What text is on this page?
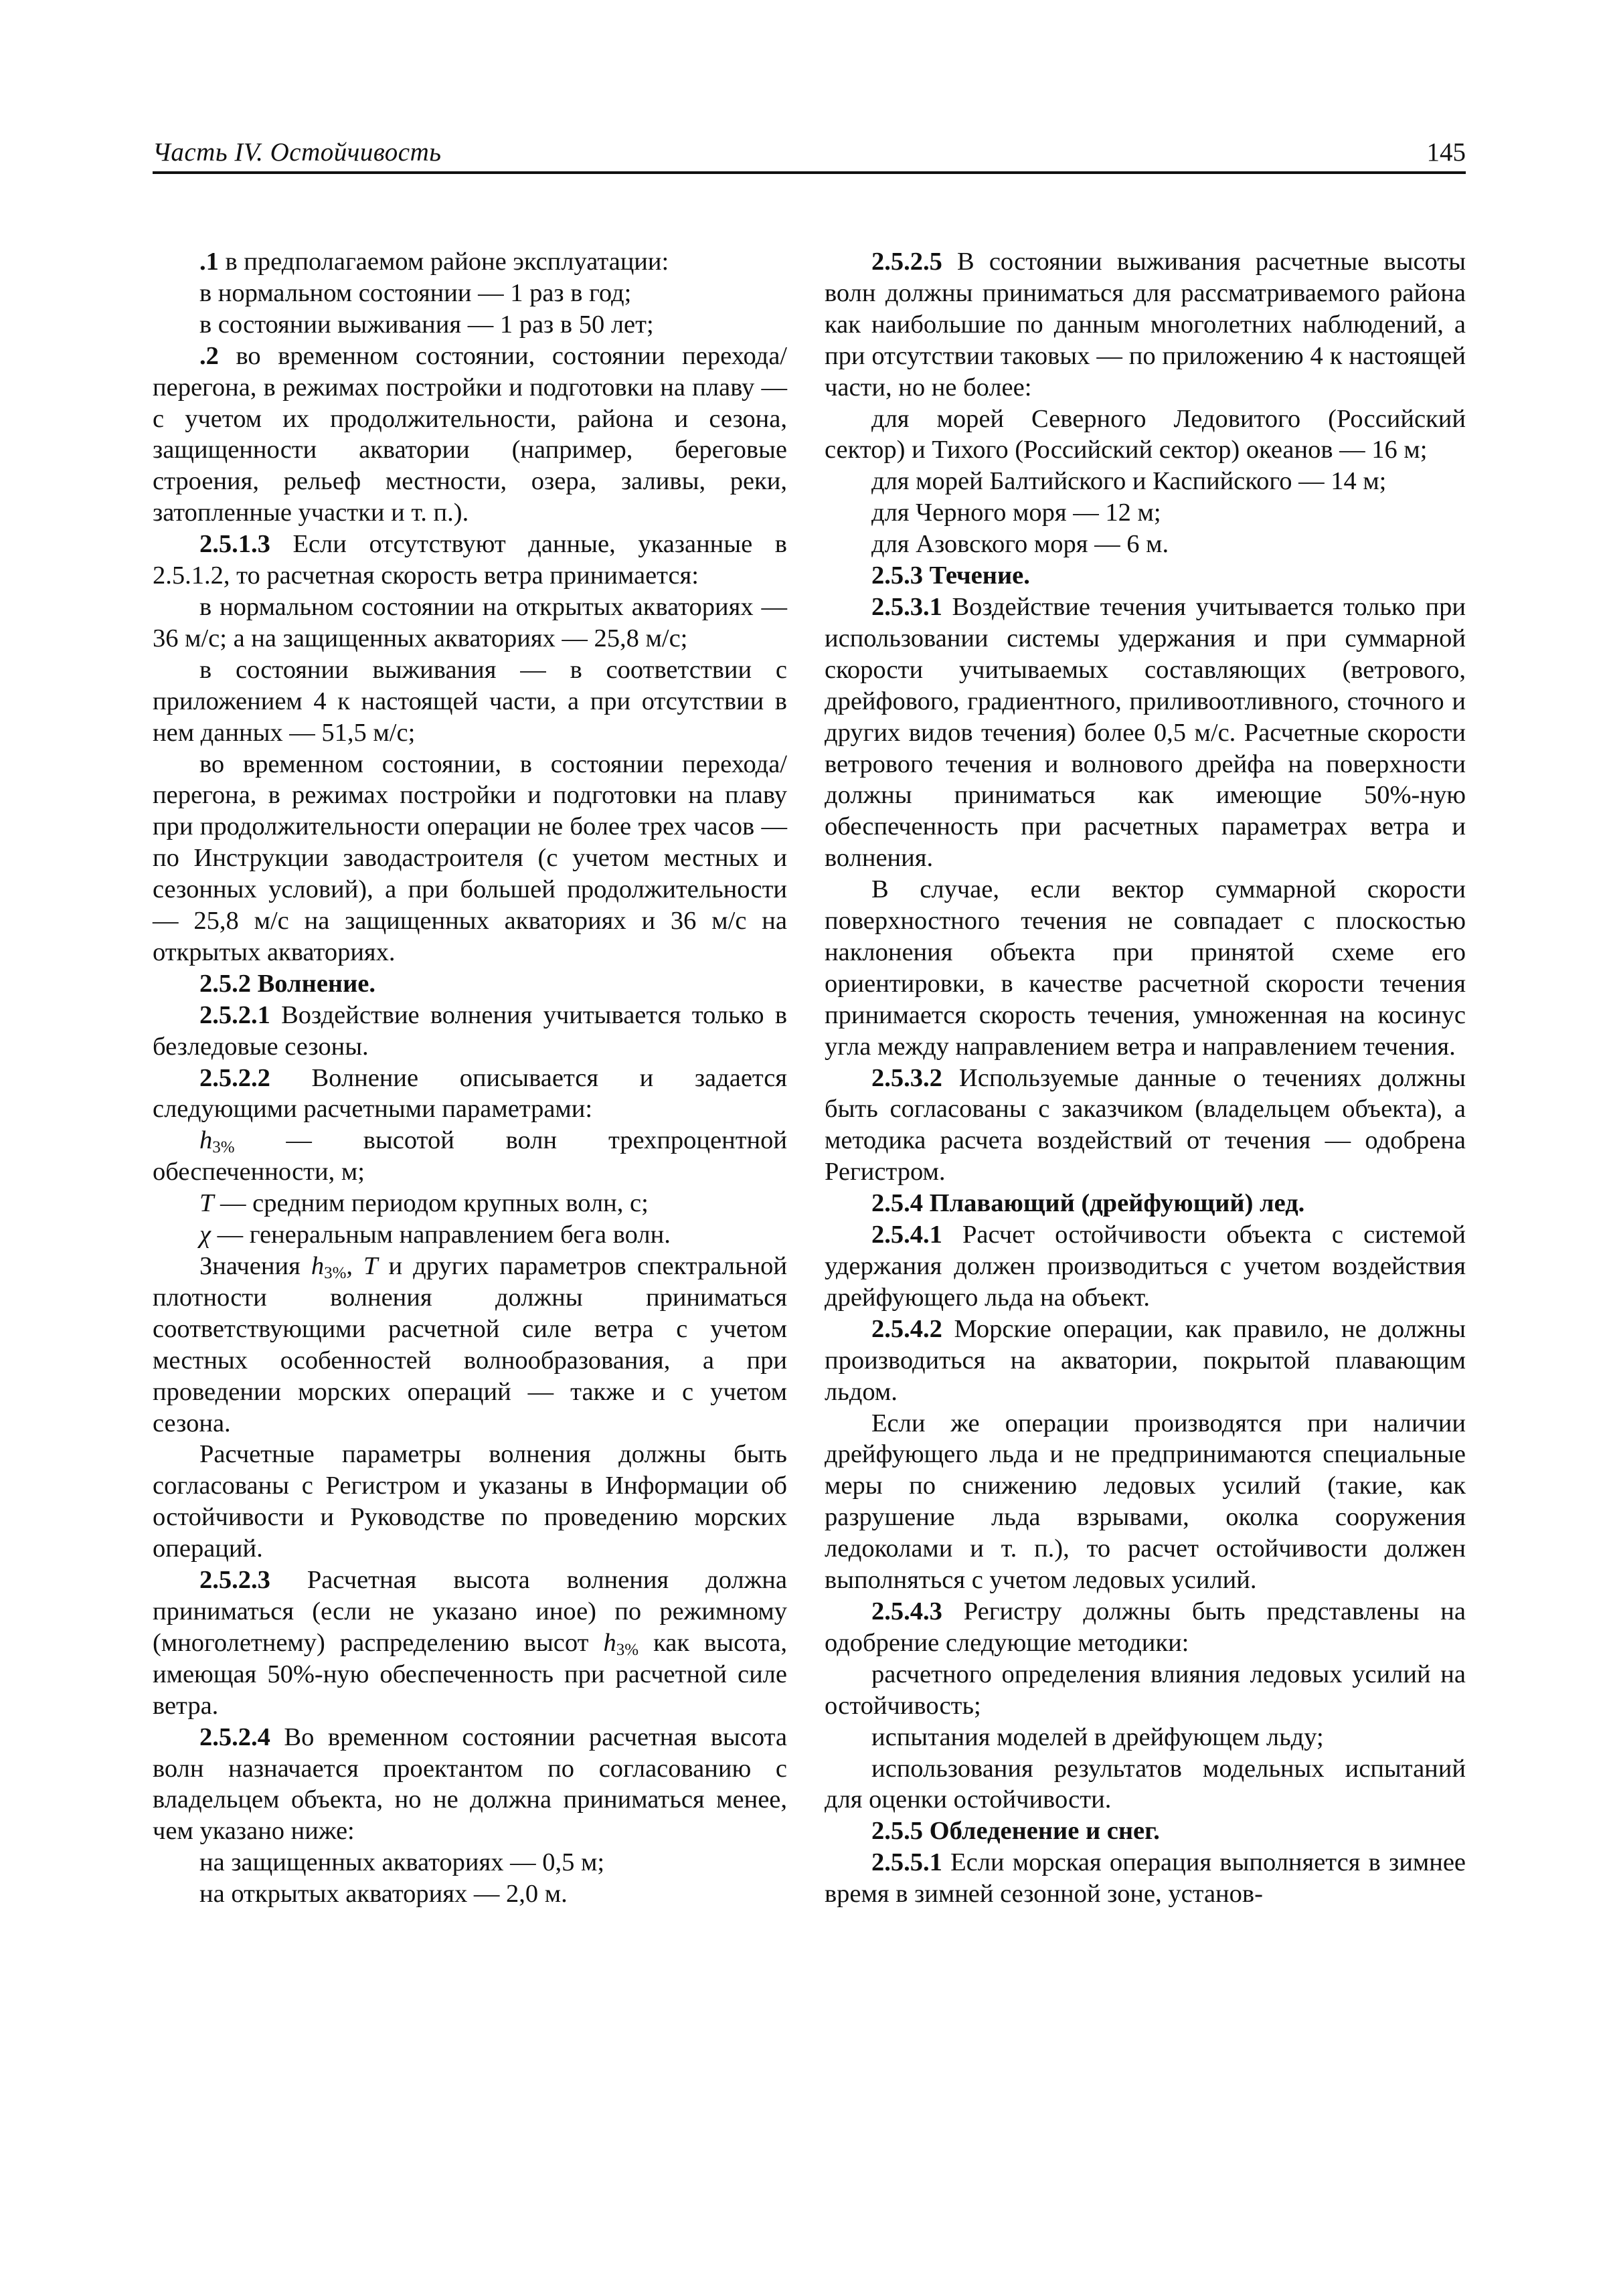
Часть IV. Остойчивость	145

.1 в предполагаемом районе эксплуатации:

в нормальном состоянии — 1 раз в год;

в состоянии выживания — 1 раз в 50 лет;

.2 во временном состоянии, состоянии перехода/перегона, в режимах постройки и подготовки на плаву — с учетом их продолжительности, района и сезона, защищенности акватории (например, береговые строения, рельеф местности, озера, заливы, реки, затопленные участки и т. п.).

2.5.1.3 Если отсутствуют данные, указанные в 2.5.1.2, то расчетная скорость ветра принимается:

в нормальном состоянии на открытых акваториях — 36 м/с; а на защищенных акваториях — 25,8 м/с;

в состоянии выживания — в соответствии с приложением 4 к настоящей части, а при отсутствии в нем данных — 51,5 м/с;

во временном состоянии, в состоянии перехода/перегона, в режимах постройки и подготовки на плаву при продолжительности операции не более трех часов — по Инструкции заводастроителя (с учетом местных и сезонных условий), а при большей продолжительности — 25,8 м/с на защищенных акваториях и 36 м/с на открытых акваториях.

2.5.2 Волнение.

2.5.2.1 Воздействие волнения учитывается только в безледовые сезоны.

2.5.2.2 Волнение описывается и задается следующими расчетными параметрами:

$h_{3\%}$ — высотой волн трехпроцентной обеспеченности, м;

T — средним периодом крупных волн, с;

χ — генеральным направлением бега волн.

Значения $h_{3\%}$, T и других параметров спектральной плотности волнения должны приниматься соответствующими расчетной силе ветра с учетом местных особенностей волнообразования, а при проведении морских операций — также и с учетом сезона.

Расчетные параметры волнения должны быть согласованы с Регистром и указаны в Информации об остойчивости и Руководстве по проведению морских операций.

2.5.2.3 Расчетная высота волнения должна приниматься (если не указано иное) по режимному (многолетнему) распределению высот $h_{3\%}$ как высота, имеющая 50%-ную обеспеченность при расчетной силе ветра.

2.5.2.4 Во временном состоянии расчетная высота волн назначается проектантом по согласованию с владельцем объекта, но не должна приниматься менее, чем указано ниже:

на защищенных акваториях — 0,5 м;

на открытых акваториях — 2,0 м.

2.5.2.5 В состоянии выживания расчетные высоты волн должны приниматься для рассматриваемого района как наибольшие по данным многолетних наблюдений, а при отсутствии таковых — по приложению 4 к настоящей части, но не более:

для морей Северного Ледовитого (Российский сектор) и Тихого (Российский сектор) океанов — 16 м;

для морей Балтийского и Каспийского — 14 м;

для Черного моря — 12 м;

для Азовского моря — 6 м.

2.5.3 Течение.

2.5.3.1 Воздействие течения учитывается только при использовании системы удержания и при суммарной скорости учитываемых составляющих (ветрового, дрейфового, градиентного, приливоотливного, сточного и других видов течения) более 0,5 м/с. Расчетные скорости ветрового течения и волнового дрейфа на поверхности должны приниматься как имеющие 50%-ную обеспеченность при расчетных параметрах ветра и волнения.

В случае, если вектор суммарной скорости поверхностного течения не совпадает с плоскостью наклонения объекта при принятой схеме его ориентировки, в качестве расчетной скорости течения принимается скорость течения, умноженная на косинус угла между направлением ветра и направлением течения.

2.5.3.2 Используемые данные о течениях должны быть согласованы с заказчиком (владельцем объекта), а методика расчета воздействий от течения — одобрена Регистром.

2.5.4 Плавающий (дрейфующий) лед.

2.5.4.1 Расчет остойчивости объекта с системой удержания должен производиться с учетом воздействия дрейфующего льда на объект.

2.5.4.2 Морские операции, как правило, не должны производиться на акватории, покрытой плавающим льдом.

Если же операции производятся при наличии дрейфующего льда и не предпринимаются специальные меры по снижению ледовых усилий (такие, как разрушение льда взрывами, околка сооружения ледоколами и т. п.), то расчет остойчивости должен выполняться с учетом ледовых усилий.

2.5.4.3 Регистру должны быть представлены на одобрение следующие методики:

расчетного определения влияния ледовых усилий на остойчивость;

испытания моделей в дрейфующем льду;

использования результатов модельных испытаний для оценки остойчивости.

2.5.5 Обледенение и снег.

2.5.5.1 Если морская операция выполняется в зимнее время в зимней сезонной зоне, установ-
